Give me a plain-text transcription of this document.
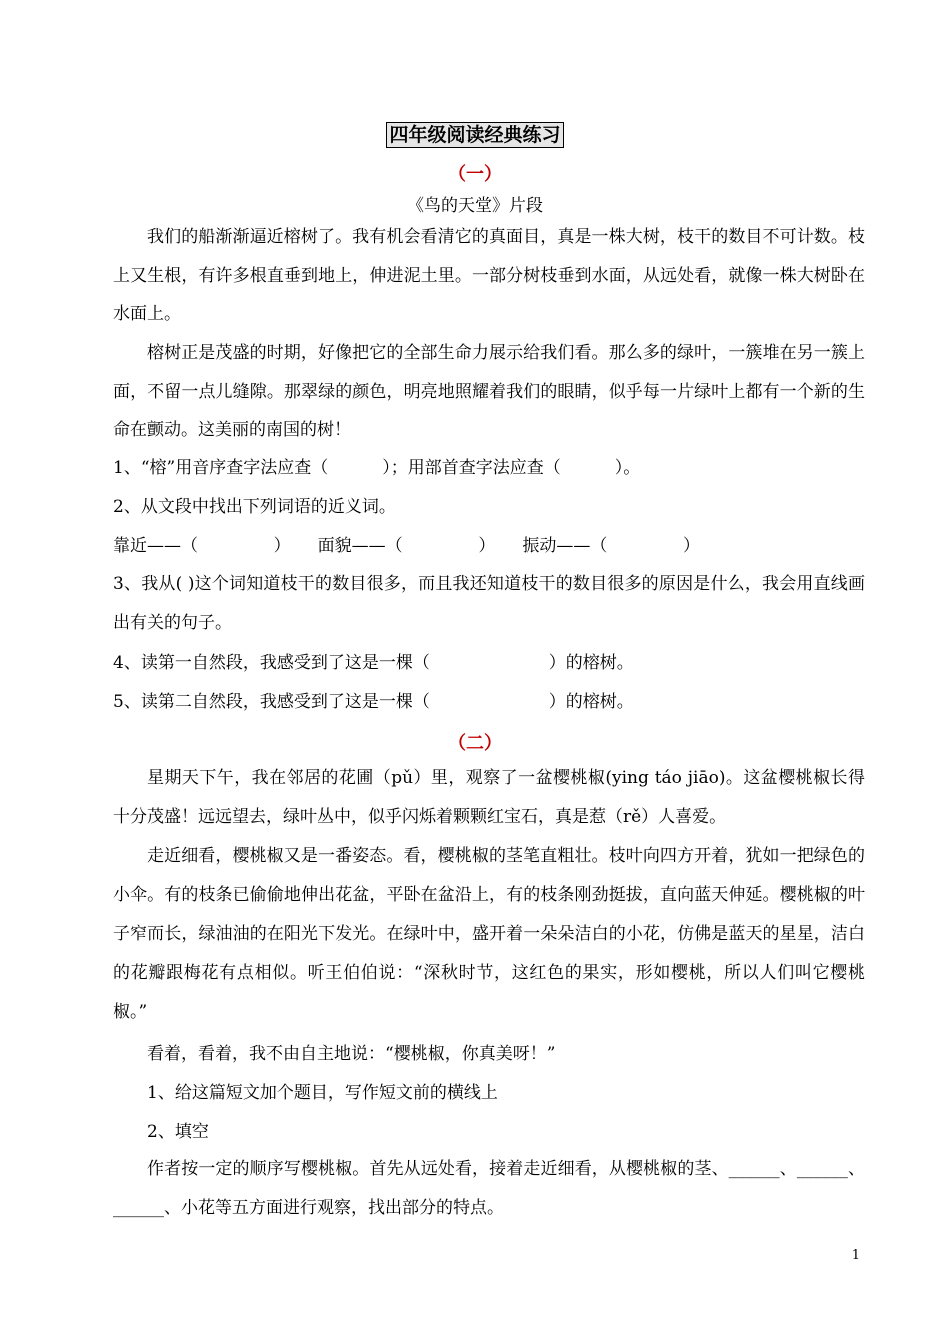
四年级阅读经典练习
（一）
《鸟的天堂》片段
我们的船渐渐逼近榕树了。我有机会看清它的真面目，真是一株大树，枝干的数目不可计数。枝上又生根，有许多根直垂到地上，伸进泥土里。一部分树枝垂到水面，从远处看，就像一株大树卧在水面上。
榕树正是茂盛的时期，好像把它的全部生命力展示给我们看。那么多的绿叶，一簇堆在另一簇上面，不留一点儿缝隙。那翠绿的颜色，明亮地照耀着我们的眼睛，似乎每一片绿叶上都有一个新的生命在颤动。这美丽的南国的树！
1、“榕”用音序查字法应查（          ）；用部首查字法应查（          ）。
2、从文段中找出下列词语的近义词。
靠近——（              ）     面貌——（              ）     振动——（              ）
3、我从( )这个词知道枝干的数目很多，而且我还知道枝干的数目很多的原因是什么，我会用直线画出有关的句子。
4、读第一自然段，我感受到了这是一棵（                      ）的榕树。
5、读第二自然段，我感受到了这是一棵（                      ）的榕树。
（二）
星期天下午，我在邻居的花圃（pǔ）里，观察了一盆樱桃椒(ying táo jiāo)。这盆樱桃椒长得十分茂盛！远远望去，绿叶丛中，似乎闪烁着颗颗红宝石，真是惹（rě）人喜爱。
走近细看，樱桃椒又是一番姿态。看，樱桃椒的茎笔直粗壮。枝叶向四方开着，犹如一把绿色的小伞。有的枝条已偷偷地伸出花盆，平卧在盆沿上，有的枝条刚劲挺拔，直向蓝天伸延。樱桃椒的叶子窄而长，绿油油的在阳光下发光。在绿叶中，盛开着一朵朵洁白的小花，仿佛是蓝天的星星，洁白的花瓣跟梅花有点相似。听王伯伯说：“深秋时节，这红色的果实，形如樱桃，所以人们叫它樱桃椒。”
看着，看着，我不由自主地说：“樱桃椒，你真美呀！”
1、给这篇短文加个题目，写作短文前的横线上
2、填空
作者按一定的顺序写樱桃椒。首先从远处看，接着走近细看，从樱桃椒的茎、______、______、______、小花等五方面进行观察，找出部分的特点。
1
